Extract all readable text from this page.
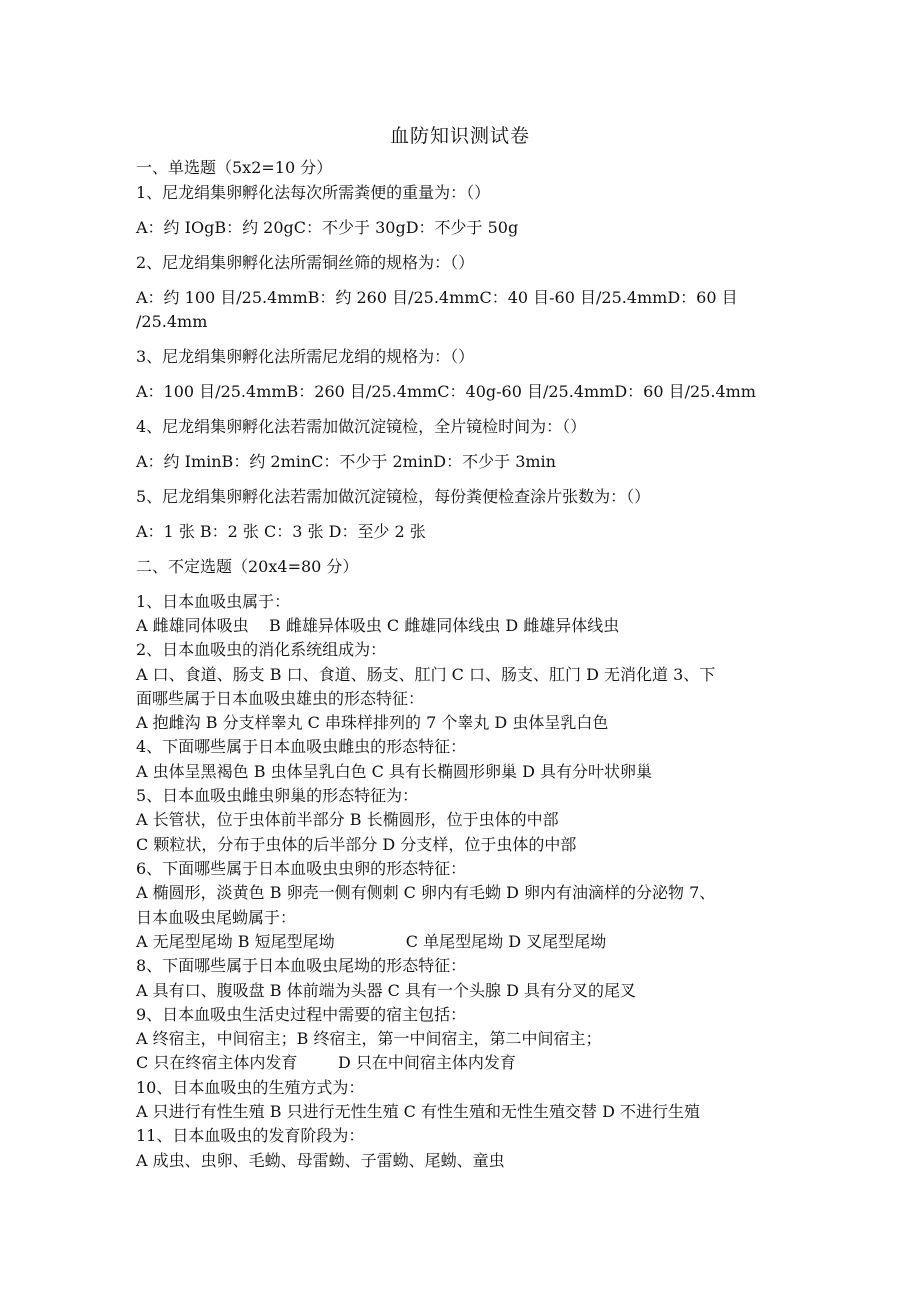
血防知识测试卷
一、单选题（5x2=10 分）
1、尼龙绢集卵孵化法每次所需粪便的重量为：（）
A：约 IOgB：约 20gC：不少于 30gD：不少于 50g
2、尼龙绢集卵孵化法所需铜丝筛的规格为：（）
A：约 100 目/25.4mmB：约 260 目/25.4mmC：40 目-60 目/25.4mmD：60 目
/25.4mm
3、尼龙绢集卵孵化法所需尼龙绢的规格为：（）
A：100 目/25.4mmB：260 目/25.4mmC：40g-60 目/25.4mmD：60 目/25.4mm
4、尼龙绢集卵孵化法若需加做沉淀镜检，全片镜检时间为：（）
A：约 IminB：约 2minC：不少于 2minD：不少于 3min
5、尼龙绢集卵孵化法若需加做沉淀镜检，每份粪便检查涂片张数为：（）
A：1 张 B：2 张 C：3 张 D：至少 2 张
二、不定选题（20x4=80 分）
1、日本血吸虫属于：
A 雌雄同体吸虫    B 雌雄异体吸虫 C 雌雄同体线虫 D 雌雄异体线虫
2、日本血吸虫的消化系统组成为：
A 口、食道、肠支 B 口、食道、肠支、肛门 C 口、肠支、肛门 D 无消化道 3、下
面哪些属于日本血吸虫雄虫的形态特征：
A 抱雌沟 B 分支样睾丸 C 串珠样排列的 7 个睾丸 D 虫体呈乳白色
4、下面哪些属于日本血吸虫雌虫的形态特征：
A 虫体呈黑褐色 B 虫体呈乳白色 C 具有长椭圆形卵巢 D 具有分叶状卵巢
5、日本血吸虫雌虫卵巢的形态特征为：
A 长管状，位于虫体前半部分 B 长椭圆形，位于虫体的中部
C 颗粒状，分布于虫体的后半部分 D 分支样，位于虫体的中部
6、下面哪些属于日本血吸虫虫卵的形态特征：
A 椭圆形，淡黄色 B 卵壳一侧有侧刺 C 卵内有毛蚴 D 卵内有油滴样的分泌物 7、
日本血吸虫尾蚴属于：
A 无尾型尾坳 B 短尾型尾坳              C 单尾型尾坳 D 叉尾型尾坳
8、下面哪些属于日本血吸虫尾坳的形态特征：
A 具有口、腹吸盘 B 体前端为头器 C 具有一个头腺 D 具有分叉的尾叉
9、日本血吸虫生活史过程中需要的宿主包括：
A 终宿主，中间宿主；B 终宿主，第一中间宿主，第二中间宿主；
C 只在终宿主体内发育        D 只在中间宿主体内发育
10、日本血吸虫的生殖方式为：
A 只进行有性生殖 B 只进行无性生殖 C 有性生殖和无性生殖交替 D 不进行生殖
11、日本血吸虫的发育阶段为：
A 成虫、虫卵、毛蚴、母雷蚴、子雷蚴、尾蚴、童虫
